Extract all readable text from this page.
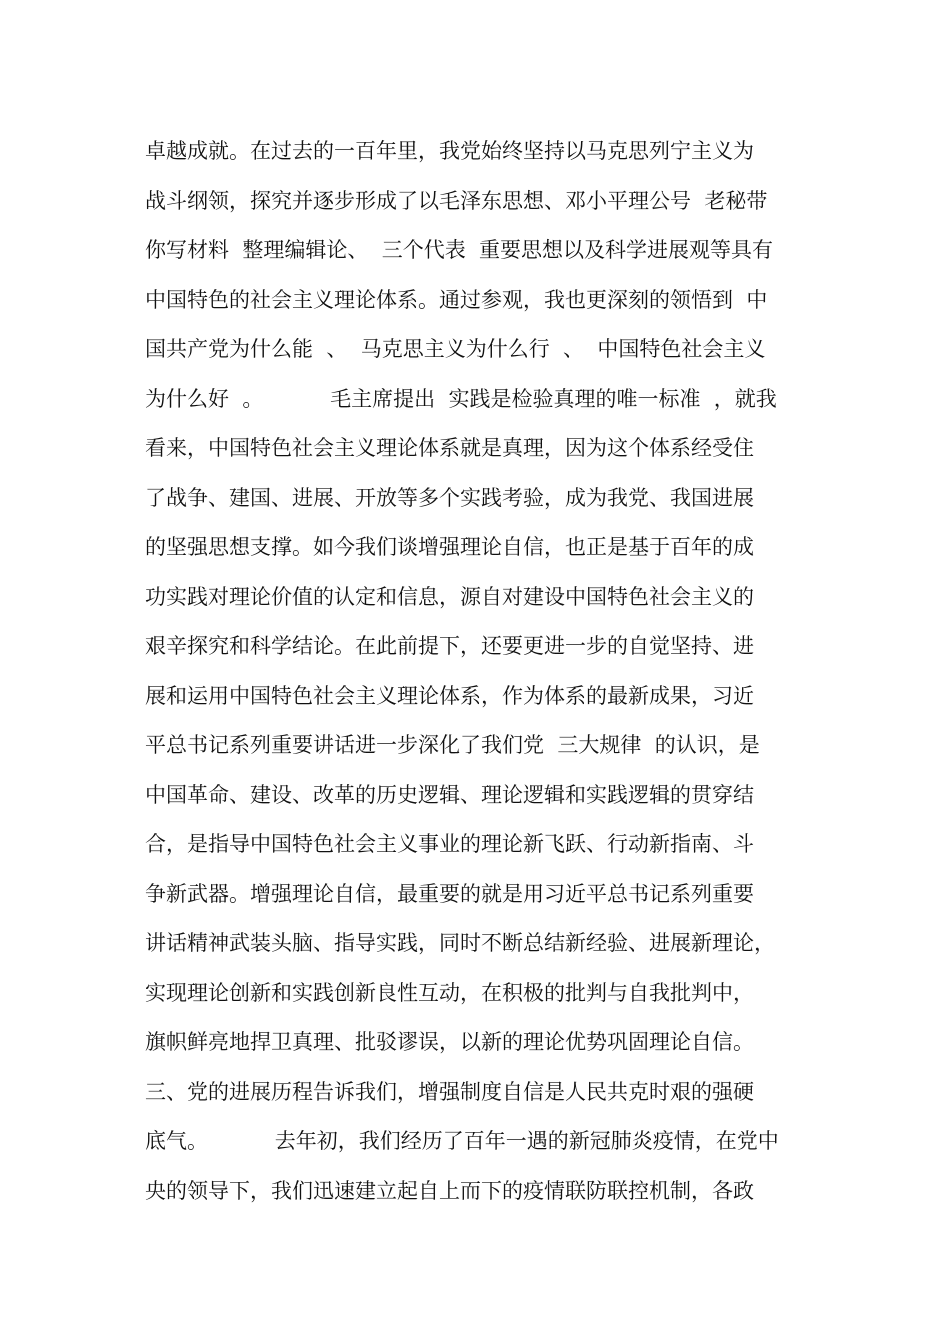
卓越成就。在过去的一百年里，我党始终坚持以马克思列宁主义为
战斗纲领，探究并逐步形成了以毛泽东思想、邓小平理公号  老秘带
你写材料  整理编辑论、  三个代表  重要思想以及科学进展观等具有
中国特色的社会主义理论体系。通过参观，我也更深刻的领悟到  中
国共产党为什么能  、  马克思主义为什么行  、  中国特色社会主义
为什么好  。          毛主席提出  实践是检验真理的唯一标准  ，就我
看来，中国特色社会主义理论体系就是真理，因为这个体系经受住
了战争、建国、进展、开放等多个实践考验，成为我党、我国进展
的坚强思想支撑。如今我们谈增强理论自信，也正是基于百年的成
功实践对理论价值的认定和信息，源自对建设中国特色社会主义的
艰辛探究和科学结论。在此前提下，还要更进一步的自觉坚持、进
展和运用中国特色社会主义理论体系，作为体系的最新成果，习近
平总书记系列重要讲话进一步深化了我们党  三大规律  的认识，是
中国革命、建设、改革的历史逻辑、理论逻辑和实践逻辑的贯穿结
合，是指导中国特色社会主义事业的理论新飞跃、行动新指南、斗
争新武器。增强理论自信，最重要的就是用习近平总书记系列重要
讲话精神武装头脑、指导实践，同时不断总结新经验、进展新理论，
实现理论创新和实践创新良性互动，在积极的批判与自我批判中，
旗帜鲜亮地捍卫真理、批驳谬误，以新的理论优势巩固理论自信。
三、党的进展历程告诉我们，增强制度自信是人民共克时艰的强硬
底气。          去年初，我们经历了百年一遇的新冠肺炎疫情，在党中
央的领导下，我们迅速建立起自上而下的疫情联防联控机制，各政
